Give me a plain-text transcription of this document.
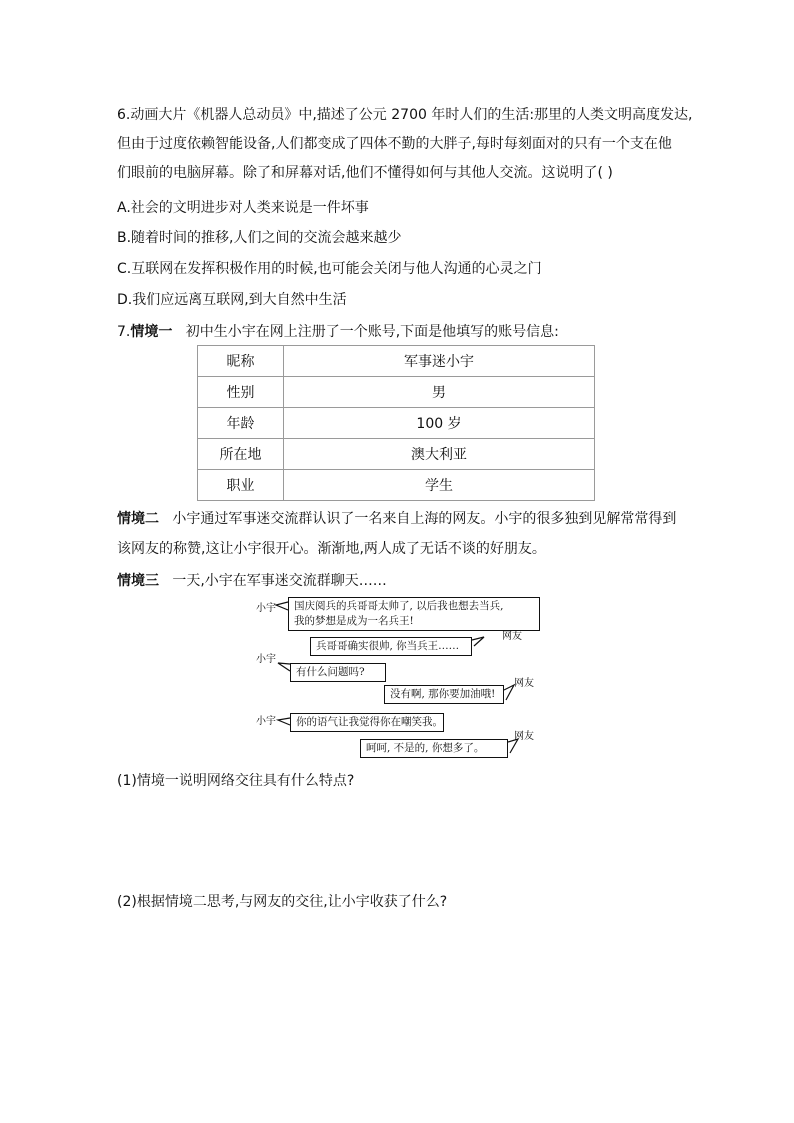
6.动画大片《机器人总动员》中,描述了公元 2700 年时人们的生活:那里的人类文明高度发达,
但由于过度依赖智能设备,人们都变成了四体不勤的大胖子,每时每刻面对的只有一个支在他
们眼前的电脑屏幕。除了和屏幕对话,他们不懂得如何与其他人交流。这说明了( )
A.社会的文明进步对人类来说是一件坏事
B.随着时间的推移,人们之间的交流会越来越少
C.互联网在发挥积极作用的时候,也可能会关闭与他人沟通的心灵之门
D.我们应远离互联网,到大自然中生活
7.情境一 初中生小宇在网上注册了一个账号,下面是他填写的账号信息:
昵称	军事迷小宇
性别	男
年龄	100 岁
所在地	澳大利亚
职业	学生
情境二 小宇通过军事迷交流群认识了一名来自上海的网友。小宇的很多独到见解常常得到
该网友的称赞,这让小宇很开心。渐渐地,两人成了无话不谈的好朋友。
情境三 一天,小宇在军事迷交流群聊天……
小宇 国庆阅兵的兵哥哥太帅了, 以后我也想去当兵,
我的梦想是成为一名兵王!
网友
兵哥哥确实很帅, 你当兵王……
小宇
有什么问题吗?
网友
没有啊, 那你要加油哦!
小宇	你的语气让我觉得你在嘲笑我。
网友
呵呵, 不是的, 你想多了。
(1)情境一说明网络交往具有什么特点?
(2)根据情境二思考,与网友的交往,让小宇收获了什么?
